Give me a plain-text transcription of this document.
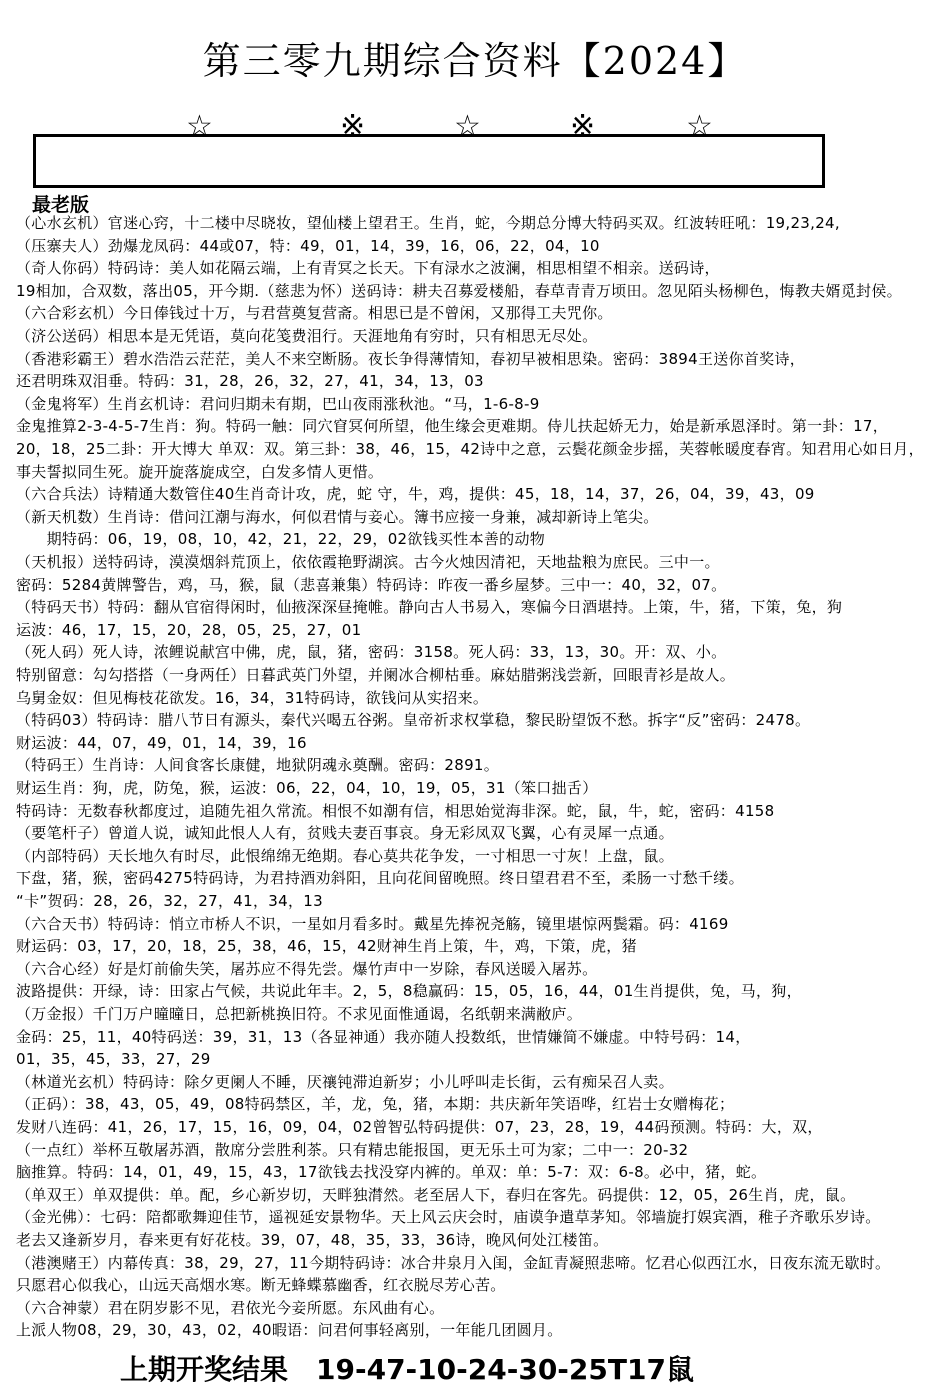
第三零九期综合资料【2024】
☆	※	☆	※	☆
最老版
（心水玄机）官迷心窍，十二楼中尽晓妆，望仙楼上望君王。生肖，蛇，今期总分博大特码买双。红波转旺吼：19,23,24,
（压寨夫人）劲爆龙凤码：44或07，特：49，01，14，39，16，06，22，04，10
（奇人你码）特码诗：美人如花隔云端，上有青冥之长天。下有渌水之波澜，相思相望不相亲。送码诗，
19相加，合双数，落出05，开今期.（慈悲为怀）送码诗：耕夫召募爱楼船，春草青青万顷田。忽见陌头杨柳色，悔教夫婿觅封侯。
（六合彩玄机）今日俸钱过十万，与君营奠复营斋。相思已是不曾闲，又那得工夫咒你。
（济公送码）相思本是无凭语，莫向花笺费泪行。天涯地角有穷时，只有相思无尽处。
（香港彩霸王）碧水浩浩云茫茫，美人不来空断肠。夜长争得薄情知，春初早被相思染。密码：3894王送你首奖诗，
还君明珠双泪垂。特码：31，28，26，32，27，41，34，13，03
（金鬼将军）生肖玄机诗：君问归期未有期，巴山夜雨涨秋池。“马，1-6-8-9
金鬼推算2-3-4-5-7生肖：狗。特码一触：同穴窅冥何所望，他生缘会更难期。侍儿扶起娇无力，始是新承恩泽时。第一卦：17，
20，18，25二卦：开大博大 单双：双。第三卦：38，46，15，42诗中之意，云鬓花颜金步摇，芙蓉帐暖度春宵。知君用心如日月，
事夫誓拟同生死。旋开旋落旋成空，白发多情人更惜。
（六合兵法）诗精通大数管住40生肖奇计攻，虎，蛇 守，牛，鸡，提供：45，18，14，37，26，04，39，43，09
（新天机数）生肖诗：借问江潮与海水，何似君情与妾心。簿书应接一身兼，减却新诗上笔尖。
　　期特码：06，19，08，10，42，21，22，29，02欲钱买性本善的动物
（天机报）送特码诗，漠漠烟斜荒顶上，依依霞艳野湖滨。古今火烛因清祀，天地盐粮为庶民。三中一。
密码：5284黄牌警告，鸡，马，猴，鼠（悲喜兼集）特码诗：昨夜一番乡屋梦。三中一：40，32，07。
（特码天书）特码：翻从官宿得闲时，仙掖深深昼掩帷。静向古人书易入，寒偏今日酒堪持。上策，牛，猪，下策，兔，狗
运波：46，17，15，20，28，05，25，27，01
（死人码）死人诗，浓鲤说献宫中佛，虎，鼠，猪，密码：3158。死人码：33，13，30。开：双、小。
特别留意：勾勾搭搭（一身两任）日暮武英门外望，并阑冰合柳枯垂。麻姑腊粥浅尝新，回眼青衫是故人。
乌舅金奴：但见梅枝花欲发。16，34，31特码诗，欲钱问从实招来。
（特码03）特码诗：腊八节日有源头，秦代兴喝五谷粥。皇帝祈求权掌稳，黎民盼望饭不愁。拆字“反”密码：2478。
财运波：44，07，49，01，14，39，16
（特码王）生肖诗：人间食客长康健，地狱阴魂永奠酬。密码：2891。
财运生肖：狗，虎，防兔，猴，运波：06，22，04，10，19，05，31（笨口拙舌）
特码诗：无数春秋都度过，追随先祖久常流。相恨不如潮有信，相思始觉海非深。蛇，鼠，牛，蛇，密码：4158
（要笔杆子）曾道人说，诚知此恨人人有，贫贱夫妻百事哀。身无彩凤双飞翼，心有灵犀一点通。
（内部特码）天长地久有时尽，此恨绵绵无绝期。春心莫共花争发，一寸相思一寸灰！上盘，鼠。
下盘，猪，猴，密码4275特码诗，为君持酒劝斜阳，且向花间留晚照。终日望君君不至，柔肠一寸愁千缕。
“卡”贺码：28，26，32，27，41，34，13
（六合天书）特码诗：悄立市桥人不识，一星如月看多时。戴星先捧祝尧觞，镜里堪惊两鬓霜。码：4169
财运码：03，17，20，18，25，38，46，15，42财神生肖上策，牛，鸡，下策，虎，猪
（六合心经）好是灯前偷失笑，屠苏应不得先尝。爆竹声中一岁除，春风送暖入屠苏。
波路提供：开绿，诗：田家占气候，共说此年丰。2，5，8稳赢码：15，05，16，44，01生肖提供，兔，马，狗，
（万金报）千门万户曈曈日，总把新桃换旧符。不求见面惟通谒，名纸朝来满敝庐。
金码：25，11，40特码送：39，31，13（各显神通）我亦随人投数纸，世情嫌简不嫌虚。中特号码：14，
01，35，45，33，27，29
（林道光玄机）特码诗：除夕更阑人不睡，厌禳钝滞迫新岁；小儿呼叫走长街，云有痴呆召人卖。
（正码）：38，43，05，49，08特码禁区，羊，龙，兔，猪，本期：共庆新年笑语哗，红岩士女赠梅花；
发财八连码：41，26，17，15，16，09，04，02曾智弘特码提供：07，23，28，19，44码预测。特码：大，双，
（一点红）举杯互敬屠苏酒，散席分尝胜利茶。只有精忠能报国，更无乐土可为家；二中一：20-32
脑推算。特码：14，01，49，15，43，17欲钱去找没穿内裤的。单双：单：5-7：双：6-8。必中，猪，蛇。
（单双王）单双提供：单。配，乡心新岁切，天畔独潸然。老至居人下，春归在客先。码提供：12，05，26生肖，虎，鼠。
（金光佛）：七码：陪都歌舞迎佳节，遥视延安景物华。天上风云庆会时，庙谟争遣草茅知。邻墙旋打娱宾酒，稚子齐歌乐岁诗。
老去又逢新岁月，春来更有好花枝。39，07，48，35，33，36诗，晚风何处江楼笛。
（港澳赌王）内幕传真：38，29，27，11今期特码诗：冰合井泉月入闺，金缸青凝照悲啼。忆君心似西江水，日夜东流无歇时。
只愿君心似我心，山远天高烟水寒。断无蜂蝶慕幽香，红衣脱尽芳心苦。
（六合神蒙）君在阴岁影不见，君依光今妾所愿。东风曲有心。
上派人物08，29，30，43，02，40暇语：问君何事轻离别，一年能几团圆月。
上期开奖结果　19-47-10-24-30-25T17鼠
